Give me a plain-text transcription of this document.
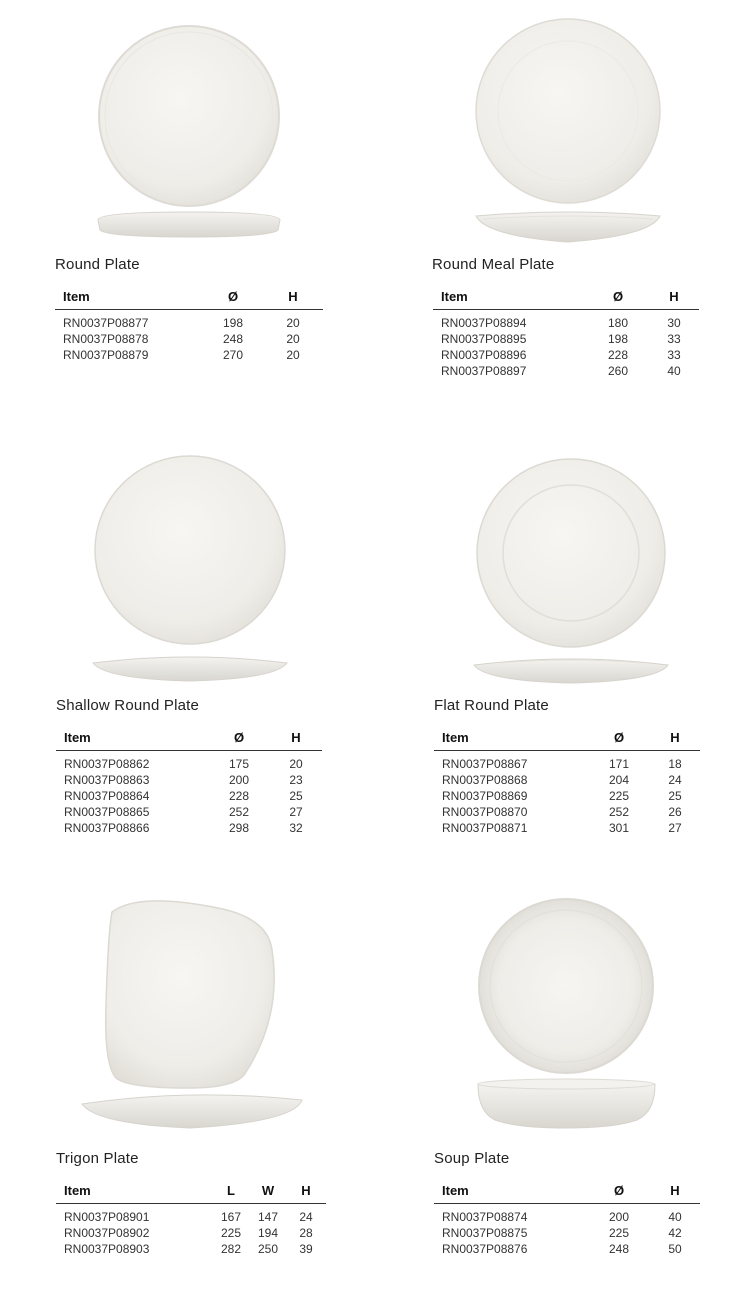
Round Plate
Item	Ø	H
RN0037P08877	198	20
RN0037P08878	248	20
RN0037P08879	270	20
Round Meal Plate
Item	Ø	H
RN0037P08894	180	30
RN0037P08895	198	33
RN0037P08896	228	33
RN0037P08897	260	40
Shallow Round Plate
Item	Ø	H
RN0037P08862	175	20
RN0037P08863	200	23
RN0037P08864	228	25
RN0037P08865	252	27
RN0037P08866	298	32
Flat Round Plate
Item	Ø	H
RN0037P08867	171	18
RN0037P08868	204	24
RN0037P08869	225	25
RN0037P08870	252	26
RN0037P08871	301	27
Trigon Plate
Item	L	W	H
RN0037P08901	167	147	24
RN0037P08902	225	194	28
RN0037P08903	282	250	39
Soup Plate
Item	Ø	H
RN0037P08874	200	40
RN0037P08875	225	42
RN0037P08876	248	50
